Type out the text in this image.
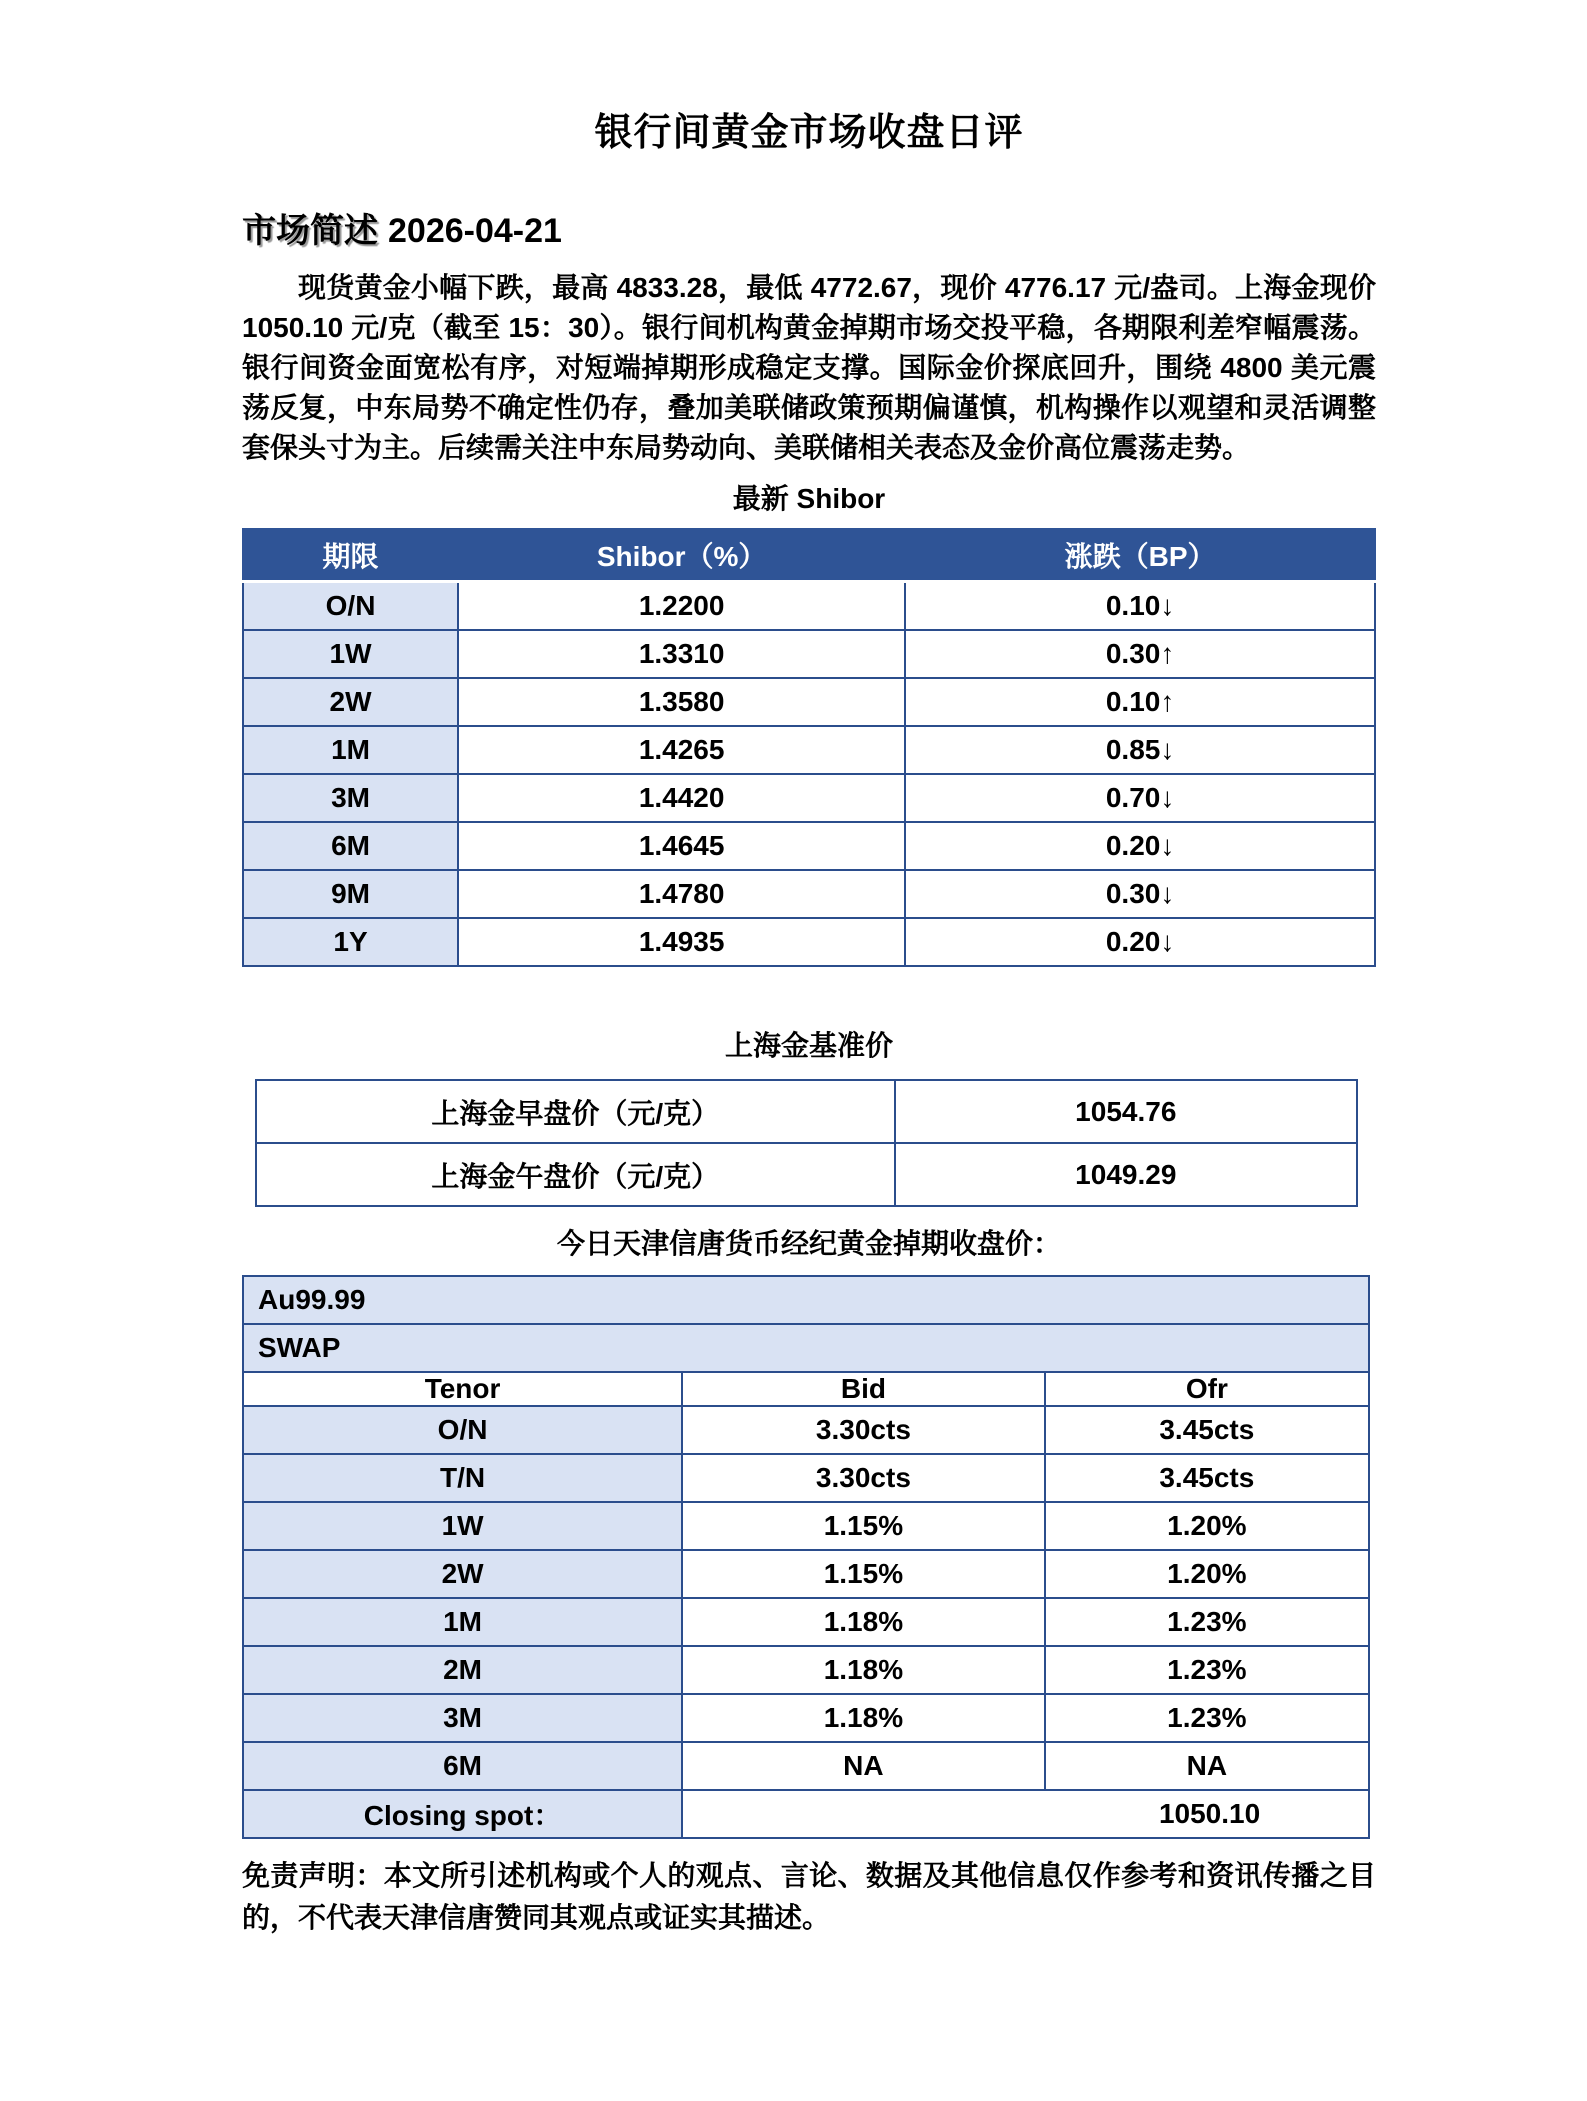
银行间黄金市场收盘日评
市场简述 2026-04-21
现货黄金小幅下跌，最高 4833.28，最低 4772.67，现价 4776.17 元/盎司。上海金现价 1050.10 元/克（截至 15：30）。银行间机构黄金掉期市场交投平稳，各期限利差窄幅震荡。银行间资金面宽松有序，对短端掉期形成稳定支撑。国际金价探底回升，围绕 4800 美元震荡反复，中东局势不确定性仍存，叠加美联储政策预期偏谨慎，机构操作以观望和灵活调整套保头寸为主。后续需关注中东局势动向、美联储相关表态及金价高位震荡走势。
最新 Shibor
期限	Shibor（%）	涨跌（BP）
O/N	1.2200	0.10↓
1W	1.3310	0.30↑
2W	1.3580	0.10↑
1M	1.4265	0.85↓
3M	1.4420	0.70↓
6M	1.4645	0.20↓
9M	1.4780	0.30↓
1Y	1.4935	0.20↓
上海金基准价
上海金早盘价（元/克）	1054.76
上海金午盘价（元/克）	1049.29
今日天津信唐货币经纪黄金掉期收盘价：
Au99.99		
SWAP		
Tenor	Bid	Ofr
O/N	3.30cts	3.45cts
T/N	3.30cts	3.45cts
1W	1.15%	1.20%
2W	1.15%	1.20%
1M	1.18%	1.23%
2M	1.18%	1.23%
3M	1.18%	1.23%
6M	NA	NA
Closing spot：	1050.10	
免责声明：本文所引述机构或个人的观点、言论、数据及其他信息仅作参考和资讯传播之目的，不代表天津信唐赞同其观点或证实其描述。
